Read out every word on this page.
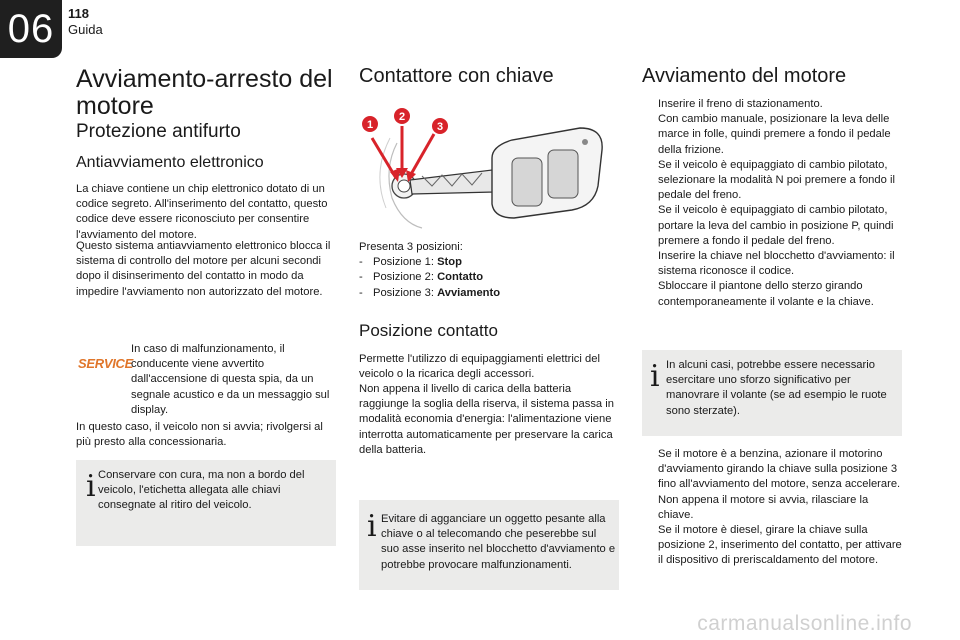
06	118
Guida
Avviamento-arresto del motore
Protezione antifurto
Antiavviamento elettronico

La chiave contiene un chip elettronico dotato di un codice segreto. All'inserimento del contatto, questo codice deve essere riconosciuto per consentire l'avviamento del motore.

Questo sistema antiavviamento elettronico blocca il sistema di controllo del motore per alcuni secondi dopo il disinserimento del contatto in modo da impedire l'avviamento non autorizzato del motore.

SERVICE

In caso di malfunzionamento, il conducente viene avvertito dall'accensione di questa spia, da un segnale acustico e da un messaggio sul display.

In questo caso, il veicolo non si avvia; rivolgersi al più presto alla concessionaria.

i Conservare con cura, ma non a bordo del veicolo, l'etichetta allegata alle chiavi consegnate al ritiro del veicolo.
Contattore con chiave
1
2
3

Presenta 3 posizioni:

- Posizione 1: Stop
- Posizione 2: Contatto
- Posizione 3: Avviamento
Posizione contatto

Permette l'utilizzo di equipaggiamenti elettrici del veicolo o la ricarica degli accessori.

Non appena il livello di carica della batteria raggiunge la soglia della riserva, il sistema passa in modalità economia d'energia: l'alimentazione viene interrotta automaticamente per preservare la carica della batteria.

i Evitare di agganciare un oggetto pesante alla chiave o al telecomando che peserebbe sul suo asse inserito nel blocchetto d'avviamento e potrebbe provocare malfunzionamenti.
Avviamento del motore
Inserire il freno di stazionamento.
Con cambio manuale, posizionare la leva delle marce in folle, quindi premere a fondo il pedale della frizione.
Se il veicolo è equipaggiato di cambio pilotato, selezionare la modalità N poi premere a fondo il pedale del freno.
Se il veicolo è equipaggiato di cambio pilotato, portare la leva del cambio in posizione P, quindi premere a fondo il pedale del freno.
Inserire la chiave nel blocchetto d'avviamento: il sistema riconosce il codice.
Sbloccare il piantone dello sterzo girando contemporaneamente il volante e la chiave.
i In alcuni casi, potrebbe essere necessario esercitare uno sforzo significativo per manovrare il volante (se ad esempio le ruote sono sterzate).
Se il motore è a benzina, azionare il motorino d'avviamento girando la chiave sulla posizione 3 fino all'avviamento del motore, senza accelerare. Non appena il motore si avvia, rilasciare la chiave.
Se il motore è diesel, girare la chiave sulla posizione 2, inserimento del contatto, per attivare il dispositivo di preriscaldamento del motore.
carmanualsonline.info
